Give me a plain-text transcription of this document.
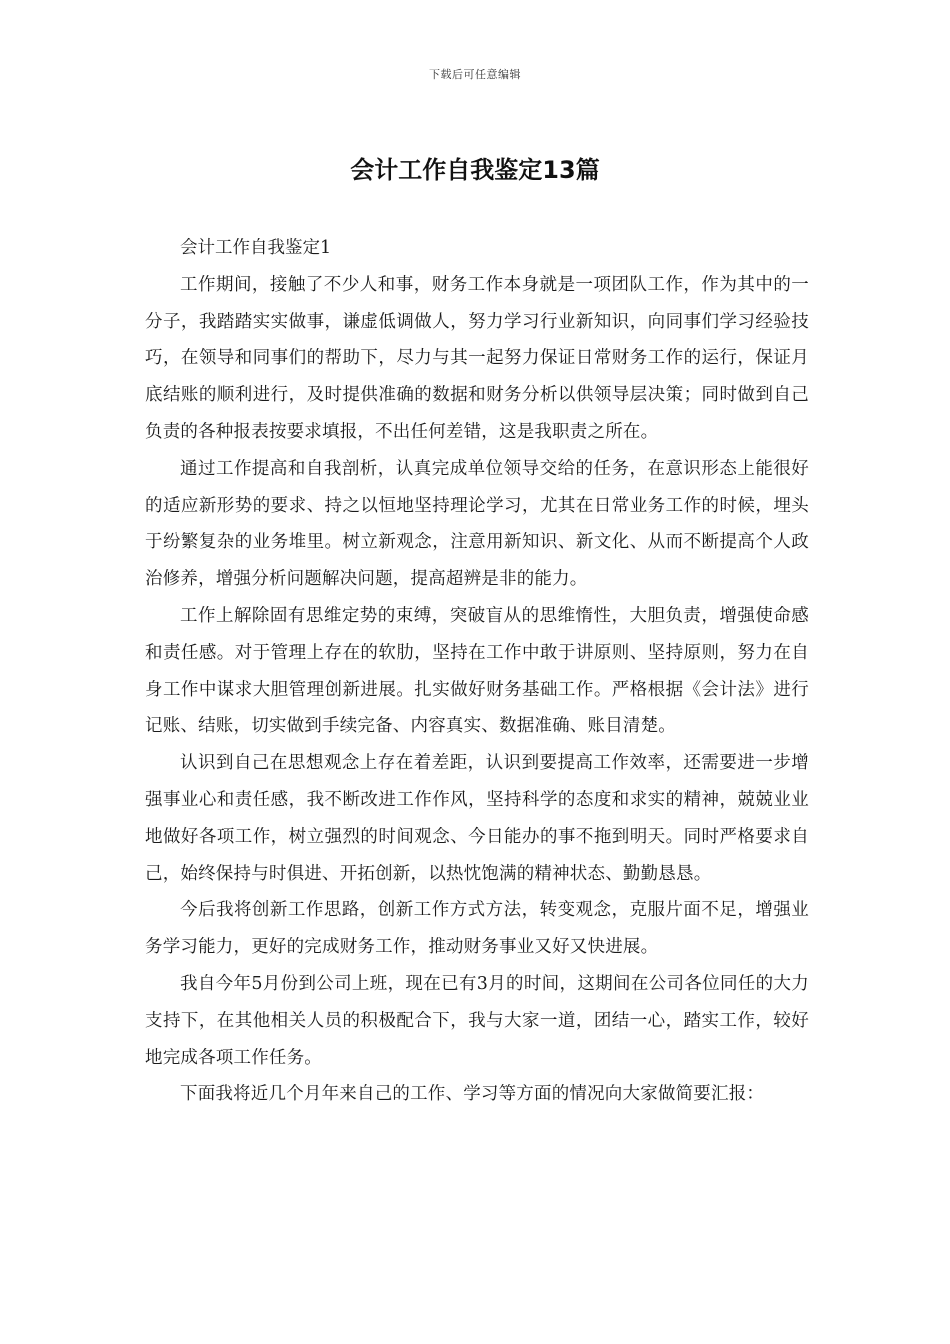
下载后可任意编辑
会计工作自我鉴定13篇

会计工作自我鉴定1

工作期间，接触了不少人和事，财务工作本身就是一项团队工作，作为其中的一分子，我踏踏实实做事，谦虚低调做人，努力学习行业新知识，向同事们学习经验技巧，在领导和同事们的帮助下，尽力与其一起努力保证日常财务工作的运行，保证月底结账的顺利进行，及时提供准确的数据和财务分析以供领导层决策；同时做到自己负责的各种报表按要求填报，不出任何差错，这是我职责之所在。

通过工作提高和自我剖析，认真完成单位领导交给的任务，在意识形态上能很好的适应新形势的要求、持之以恒地坚持理论学习，尤其在日常业务工作的时候，埋头于纷繁复杂的业务堆里。树立新观念，注意用新知识、新文化、从而不断提高个人政治修养，增强分析问题解决问题，提高超辨是非的能力。

工作上解除固有思维定势的束缚，突破盲从的思维惰性，大胆负责，增强使命感和责任感。对于管理上存在的软肋，坚持在工作中敢于讲原则、坚持原则，努力在自身工作中谋求大胆管理创新进展。扎实做好财务基础工作。严格根据《会计法》进行记账、结账，切实做到手续完备、内容真实、数据准确、账目清楚。

认识到自己在思想观念上存在着差距，认识到要提高工作效率，还需要进一步增强事业心和责任感，我不断改进工作作风，坚持科学的态度和求实的精神，兢兢业业地做好各项工作，树立强烈的时间观念、今日能办的事不拖到明天。同时严格要求自己，始终保持与时俱进、开拓创新，以热忱饱满的精神状态、勤勤恳恳。

今后我将创新工作思路，创新工作方式方法，转变观念，克服片面不足，增强业务学习能力，更好的完成财务工作，推动财务事业又好又快进展。

我自今年5月份到公司上班，现在已有3月的时间，这期间在公司各位同任的大力支持下，在其他相关人员的积极配合下，我与大家一道，团结一心，踏实工作，较好地完成各项工作任务。

下面我将近几个月年来自己的工作、学习等方面的情况向大家做简要汇报：
